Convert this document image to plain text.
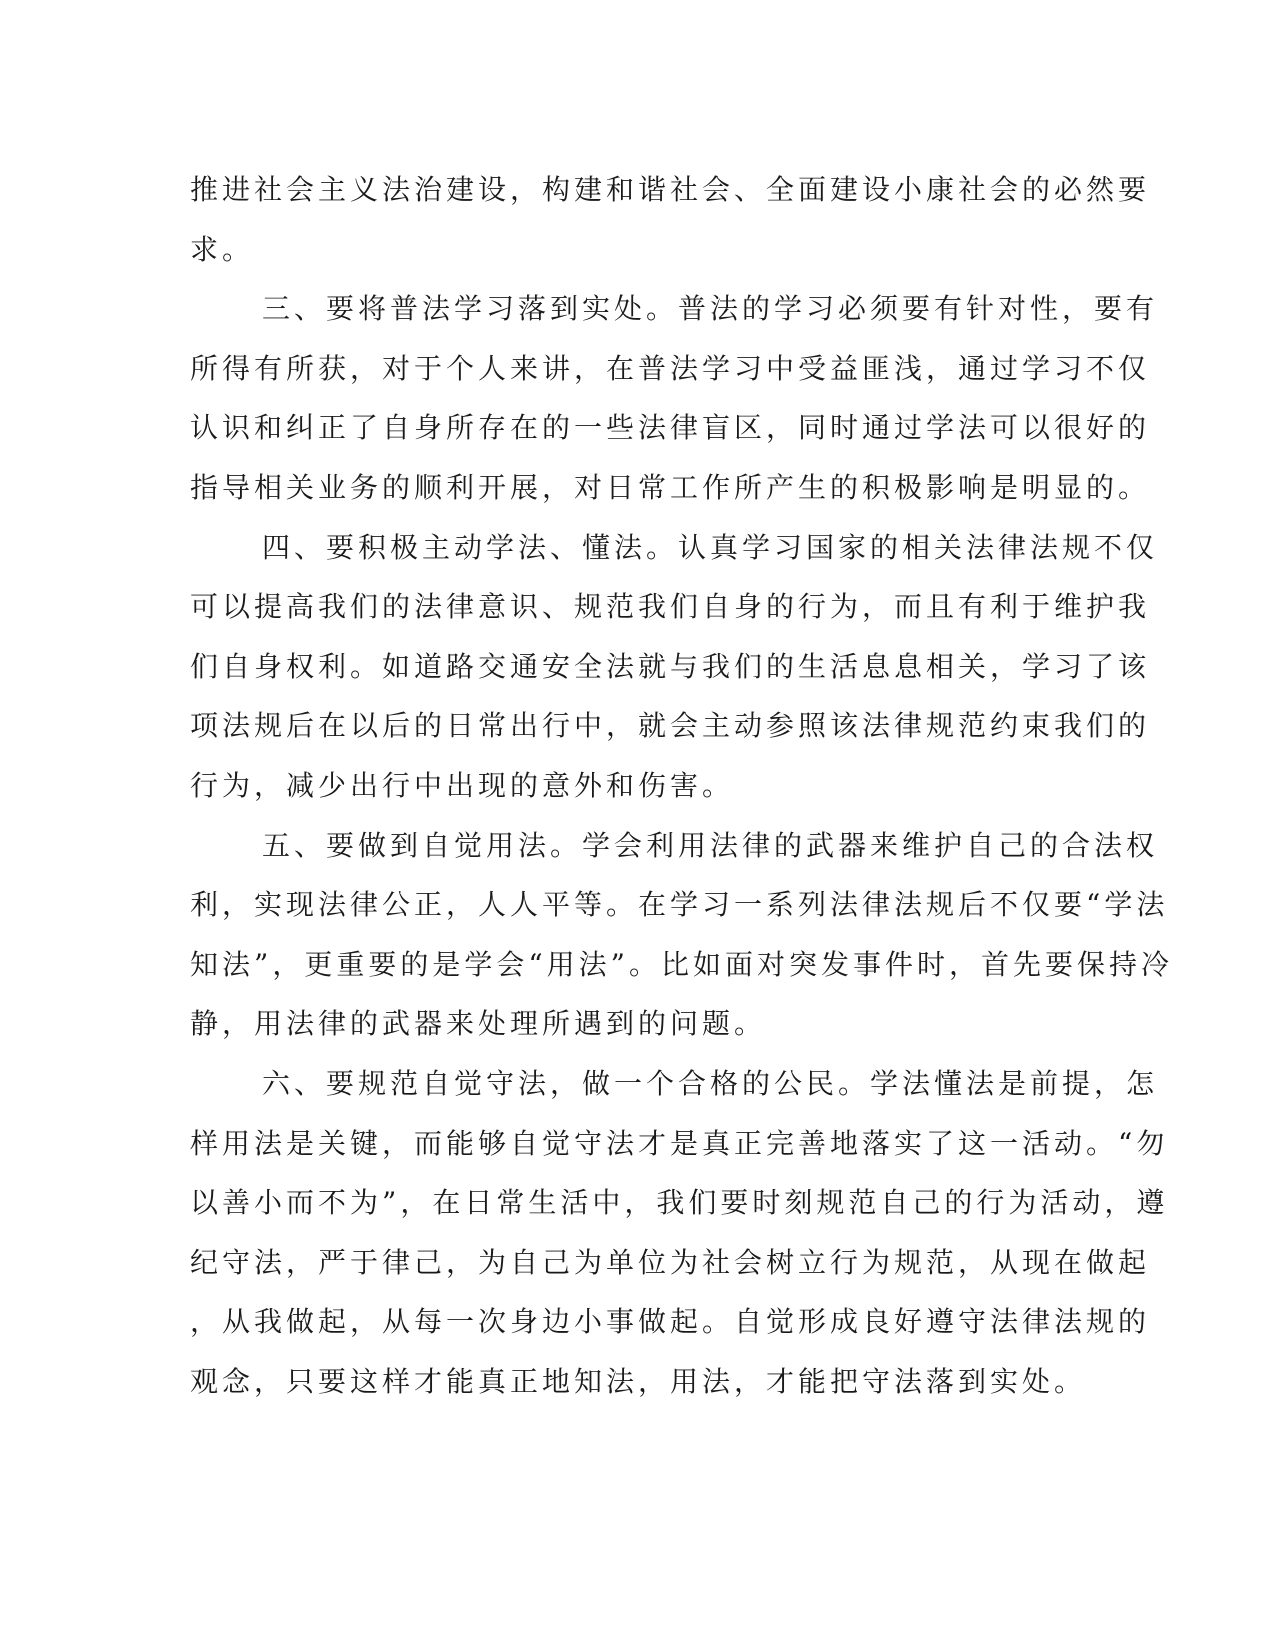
推进社会主义法治建设，构建和谐社会、全面建设小康社会的必然要
求。
三、要将普法学习落到实处。普法的学习必须要有针对性，要有
所得有所获，对于个人来讲，在普法学习中受益匪浅，通过学习不仅
认识和纠正了自身所存在的一些法律盲区，同时通过学法可以很好的
指导相关业务的顺利开展，对日常工作所产生的积极影响是明显的。
四、要积极主动学法、懂法。认真学习国家的相关法律法规不仅
可以提高我们的法律意识、规范我们自身的行为，而且有利于维护我
们自身权利。如道路交通安全法就与我们的生活息息相关，学习了该
项法规后在以后的日常出行中，就会主动参照该法律规范约束我们的
行为，减少出行中出现的意外和伤害。
五、要做到自觉用法。学会利用法律的武器来维护自己的合法权
利，实现法律公正，人人平等。在学习一系列法律法规后不仅要“学法
知法”，更重要的是学会“用法”。比如面对突发事件时，首先要保持冷
静，用法律的武器来处理所遇到的问题。
六、要规范自觉守法，做一个合格的公民。学法懂法是前提，怎
样用法是关键，而能够自觉守法才是真正完善地落实了这一活动。“勿
以善小而不为”，在日常生活中，我们要时刻规范自己的行为活动，遵
纪守法，严于律己，为自己为单位为社会树立行为规范，从现在做起
，从我做起，从每一次身边小事做起。自觉形成良好遵守法律法规的
观念，只要这样才能真正地知法，用法，才能把守法落到实处。
